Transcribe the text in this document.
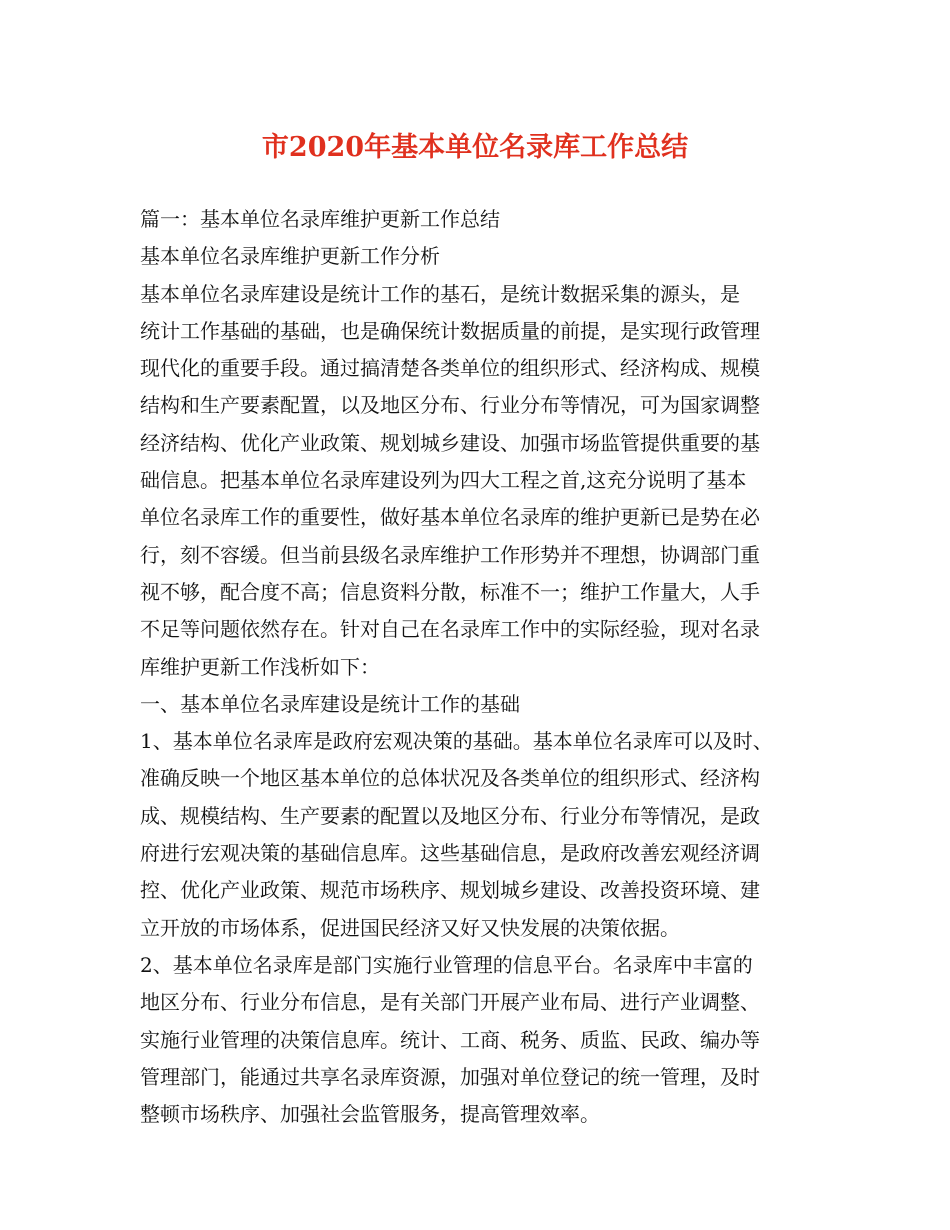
市2020年基本单位名录库工作总结
篇一：基本单位名录库维护更新工作总结
基本单位名录库维护更新工作分析
基本单位名录库建设是统计工作的基石，是统计数据采集的源头，是
统计工作基础的基础，也是确保统计数据质量的前提，是实现行政管理
现代化的重要手段。通过搞清楚各类单位的组织形式、经济构成、规模
结构和生产要素配置，以及地区分布、行业分布等情况，可为国家调整
经济结构、优化产业政策、规划城乡建设、加强市场监管提供重要的基
础信息。把基本单位名录库建设列为四大工程之首,这充分说明了基本
单位名录库工作的重要性，做好基本单位名录库的维护更新已是势在必
行，刻不容缓。但当前县级名录库维护工作形势并不理想，协调部门重
视不够，配合度不高；信息资料分散，标准不一；维护工作量大，人手
不足等问题依然存在。针对自己在名录库工作中的实际经验，现对名录
库维护更新工作浅析如下：
一、基本单位名录库建设是统计工作的基础
1、基本单位名录库是政府宏观决策的基础。基本单位名录库可以及时、
准确反映一个地区基本单位的总体状况及各类单位的组织形式、经济构
成、规模结构、生产要素的配置以及地区分布、行业分布等情况，是政
府进行宏观决策的基础信息库。这些基础信息，是政府改善宏观经济调
控、优化产业政策、规范市场秩序、规划城乡建设、改善投资环境、建
立开放的市场体系，促进国民经济又好又快发展的决策依据。
2、基本单位名录库是部门实施行业管理的信息平台。名录库中丰富的
地区分布、行业分布信息，是有关部门开展产业布局、进行产业调整、
实施行业管理的决策信息库。统计、工商、税务、质监、民政、编办等
管理部门，能通过共享名录库资源，加强对单位登记的统一管理，及时
整顿市场秩序、加强社会监管服务，提高管理效率。
